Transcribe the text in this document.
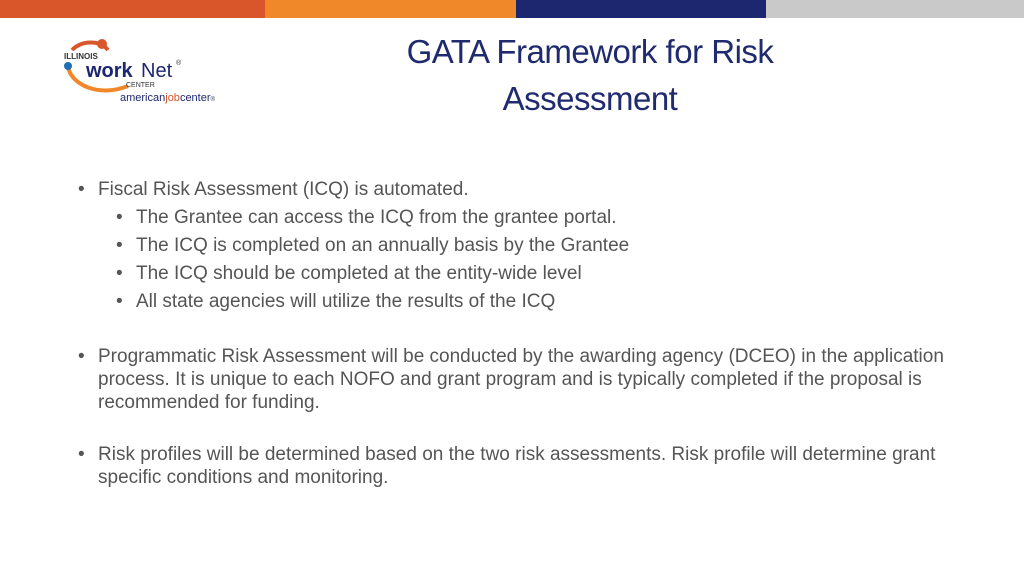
ILLINOIS
work Net ®
CENTER
americanjobcenter®
GATA Framework for Risk
Assessment
• Fiscal Risk Assessment (ICQ) is automated.
• The Grantee can access the ICQ from the grantee portal.
• The ICQ is completed on an annually basis by the Grantee
• The ICQ should be completed at the entity-wide level
• All state agencies will utilize the results of the ICQ
• Programmatic Risk Assessment will be conducted by the awarding agency (DCEO) in the application process. It is unique to each NOFO and grant program and is typically completed if the proposal is recommended for funding.
• Risk profiles will be determined based on the two risk assessments. Risk profile will determine grant specific conditions and monitoring.
